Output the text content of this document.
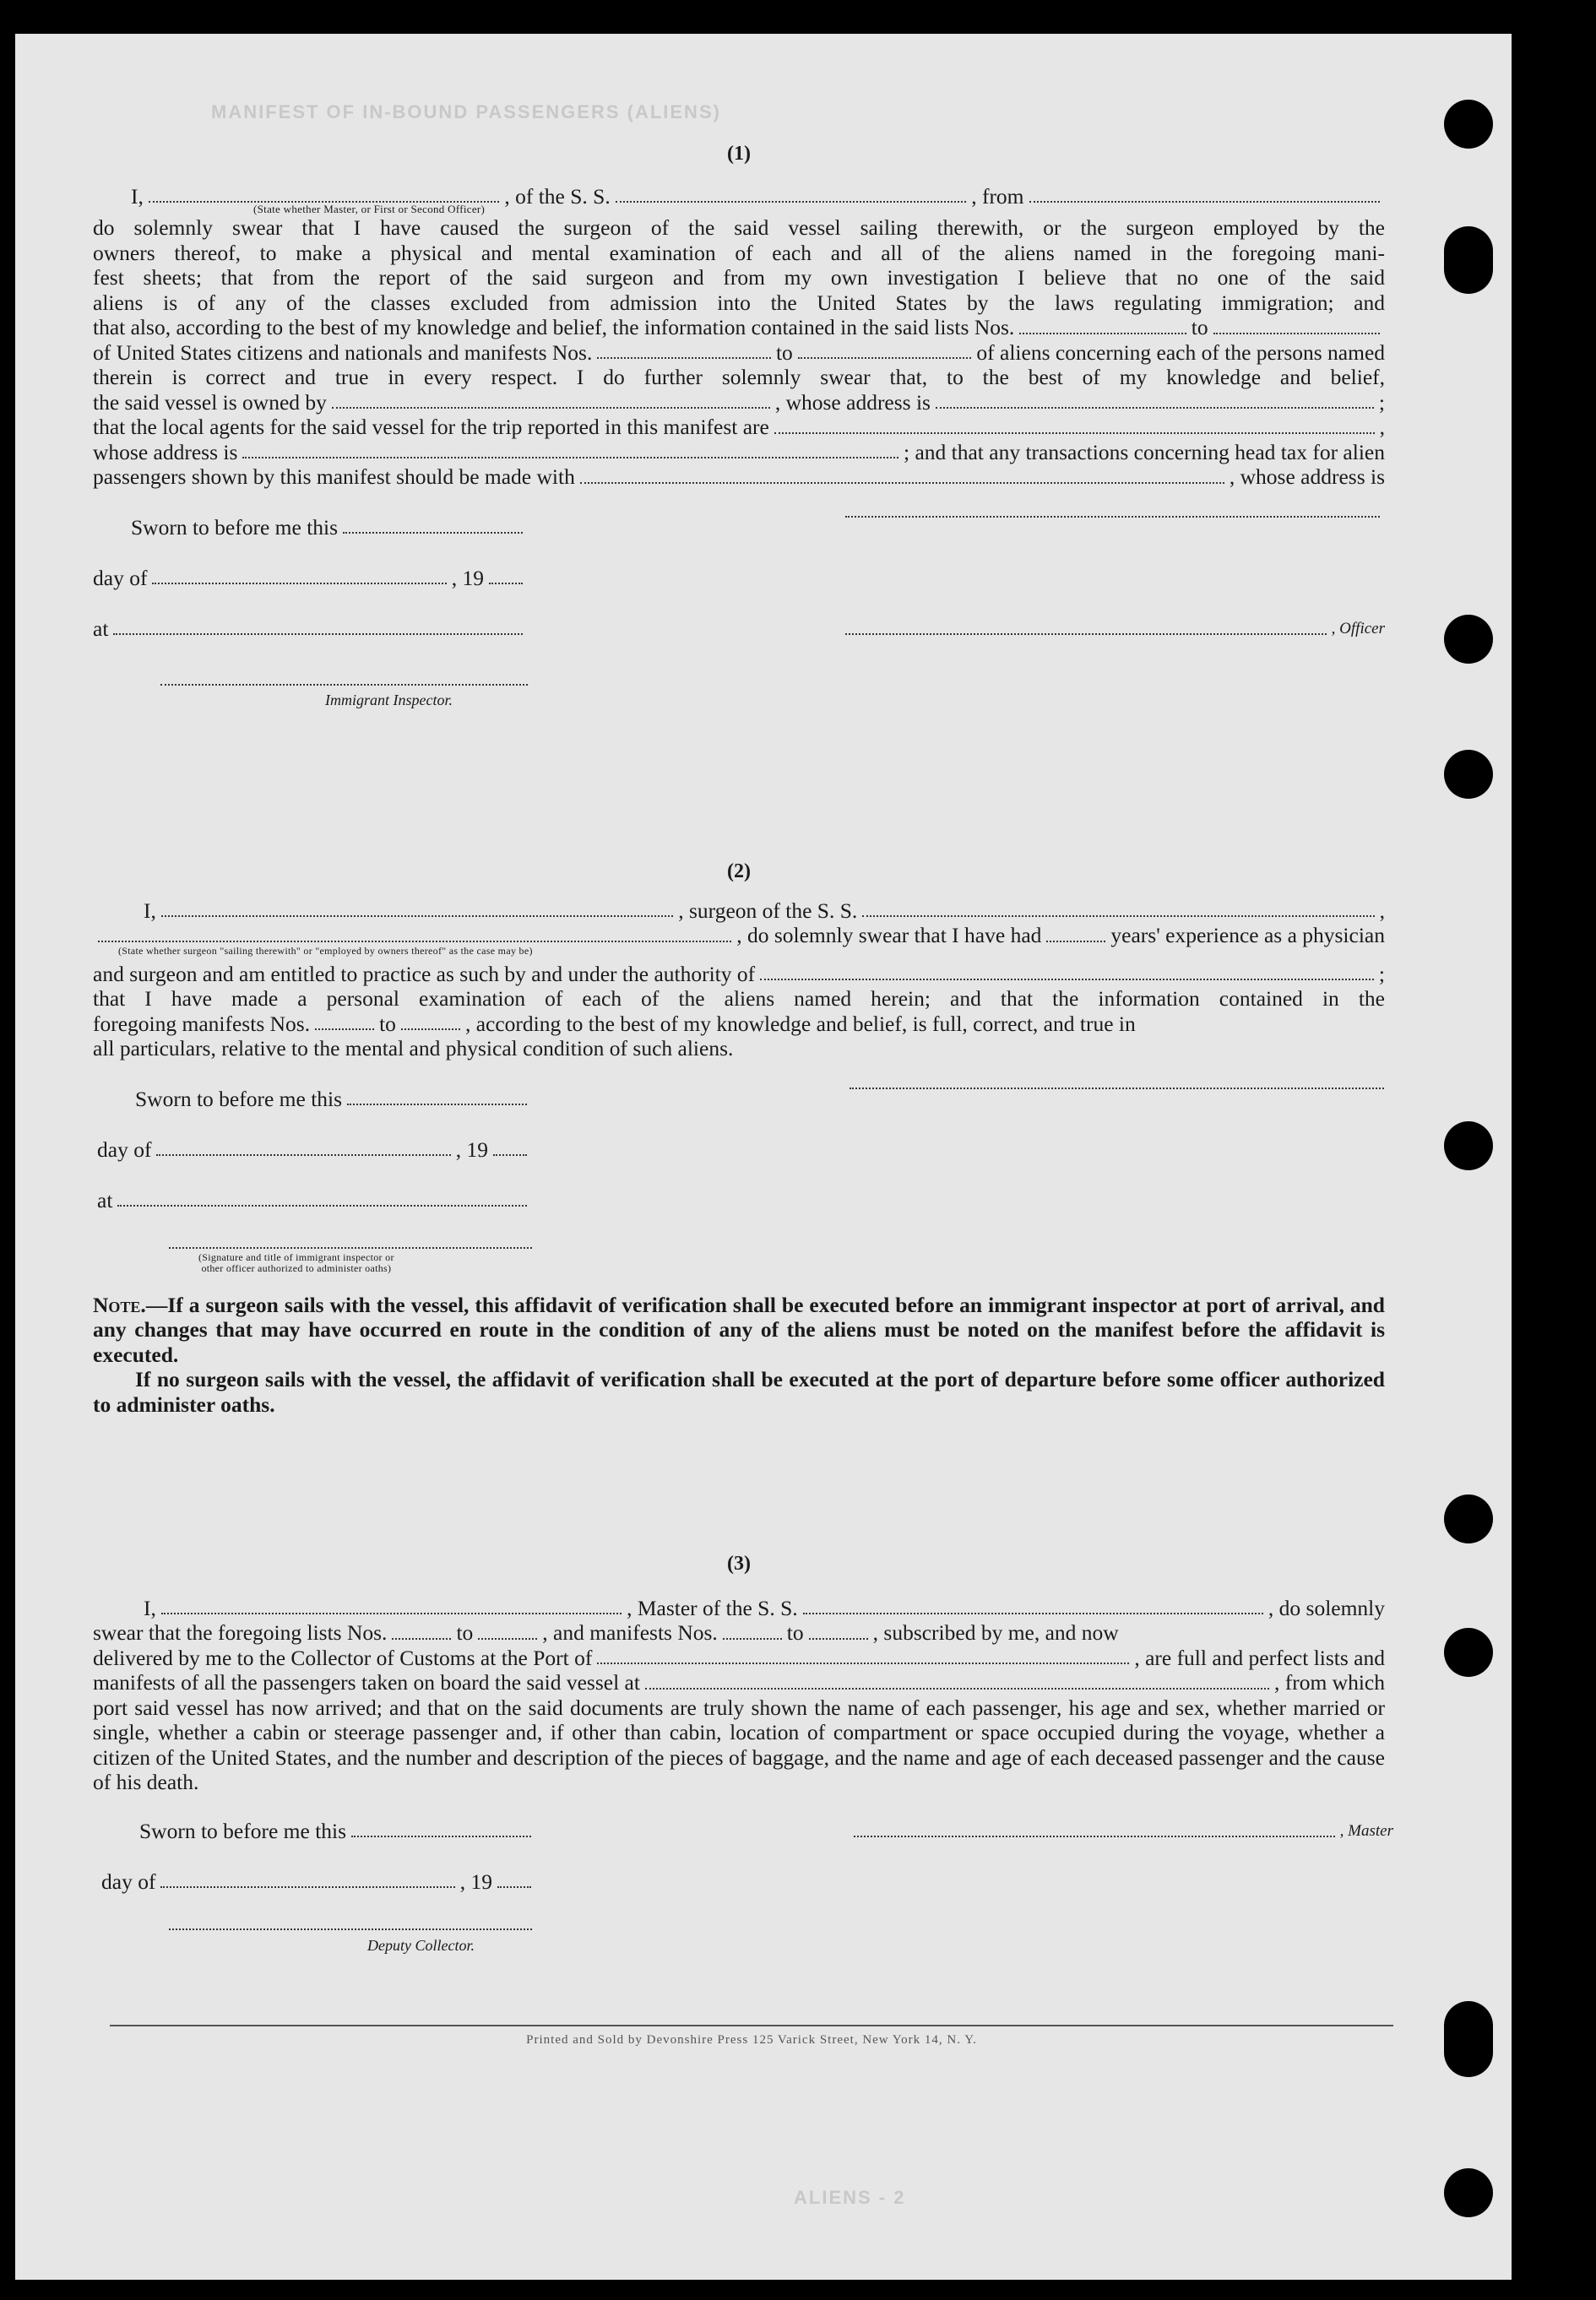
MANIFEST OF IN-BOUND PASSENGERS (ALIENS)
ALIENS - 2

(1)

I,	, of the S. S.	, from
(State whether Master, or First or Second Officer)
do solemnly swear that I have caused the surgeon of the said vessel sailing therewith, or the surgeon employed by the
owners thereof, to make a physical and mental examination of each and all of the aliens named in the foregoing mani-
fest sheets; that from the report of the said surgeon and from my own investigation I believe that no one of the said
aliens is of any of the classes excluded from admission into the United States by the laws regulating immigration; and
that also, according to the best of my knowledge and belief, the information contained in the said lists Nos.	to
of United States citizens and nationals and manifests Nos.	to	of aliens concerning each of the persons named
therein is correct and true in every respect. I do further solemnly swear that, to the best of my knowledge and belief,
the said vessel is owned by	, whose address is	;
that the local agents for the said vessel for the trip reported in this manifest are	,
whose address is	; and that any transactions concerning head tax for alien
passengers shown by this manifest should be made with	, whose address is
Sworn to before me this
day of	, 19
at	, Officer
Immigrant Inspector.

(2)

I,	, surgeon of the S. S.	,
, do solemnly swear that I have had	years' experience as a physician
(State whether surgeon "sailing therewith" or "employed by owners thereof" as the case may be)
and surgeon and am entitled to practice as such by and under the authority of	;
that I have made a personal examination of each of the aliens named herein; and that the information contained in the
foregoing manifests Nos.	to	, according to the best of my knowledge and belief, is full, correct, and true in
all particulars, relative to the mental and physical condition of such aliens.
Sworn to before me this
day of	, 19
at
(Signature and title of immigrant inspector or
other officer authorized to administer oaths)
Note.—If a surgeon sails with the vessel, this affidavit of verification shall be executed before an immigrant inspector at port of arrival, and any changes that may have occurred en route in the condition of any of the aliens must be noted on the manifest before the affidavit is executed.
If no surgeon sails with the vessel, the affidavit of verification shall be executed at the port of departure before some officer authorized to administer oaths.

(3)

I,	, Master of the S. S.	, do solemnly
swear that the foregoing lists Nos.	to	, and manifests Nos.	to	, subscribed by me, and now
delivered by me to the Collector of Customs at the Port of	, are full and perfect lists and
manifests of all the passengers taken on board the said vessel at	, from which
port said vessel has now arrived; and that on the said documents are truly shown the name of each passenger, his age and sex, whether married or single, whether a cabin or steerage passenger and, if other than cabin, location of compartment or space occupied during the voyage, whether a citizen of the United States, and the number and description of the pieces of baggage, and the name and age of each deceased passenger and the cause of his death.
Sworn to before me this	, Master
day of	, 19
Deputy Collector.
Printed and Sold by Devonshire Press 125 Varick Street, New York 14, N. Y.
